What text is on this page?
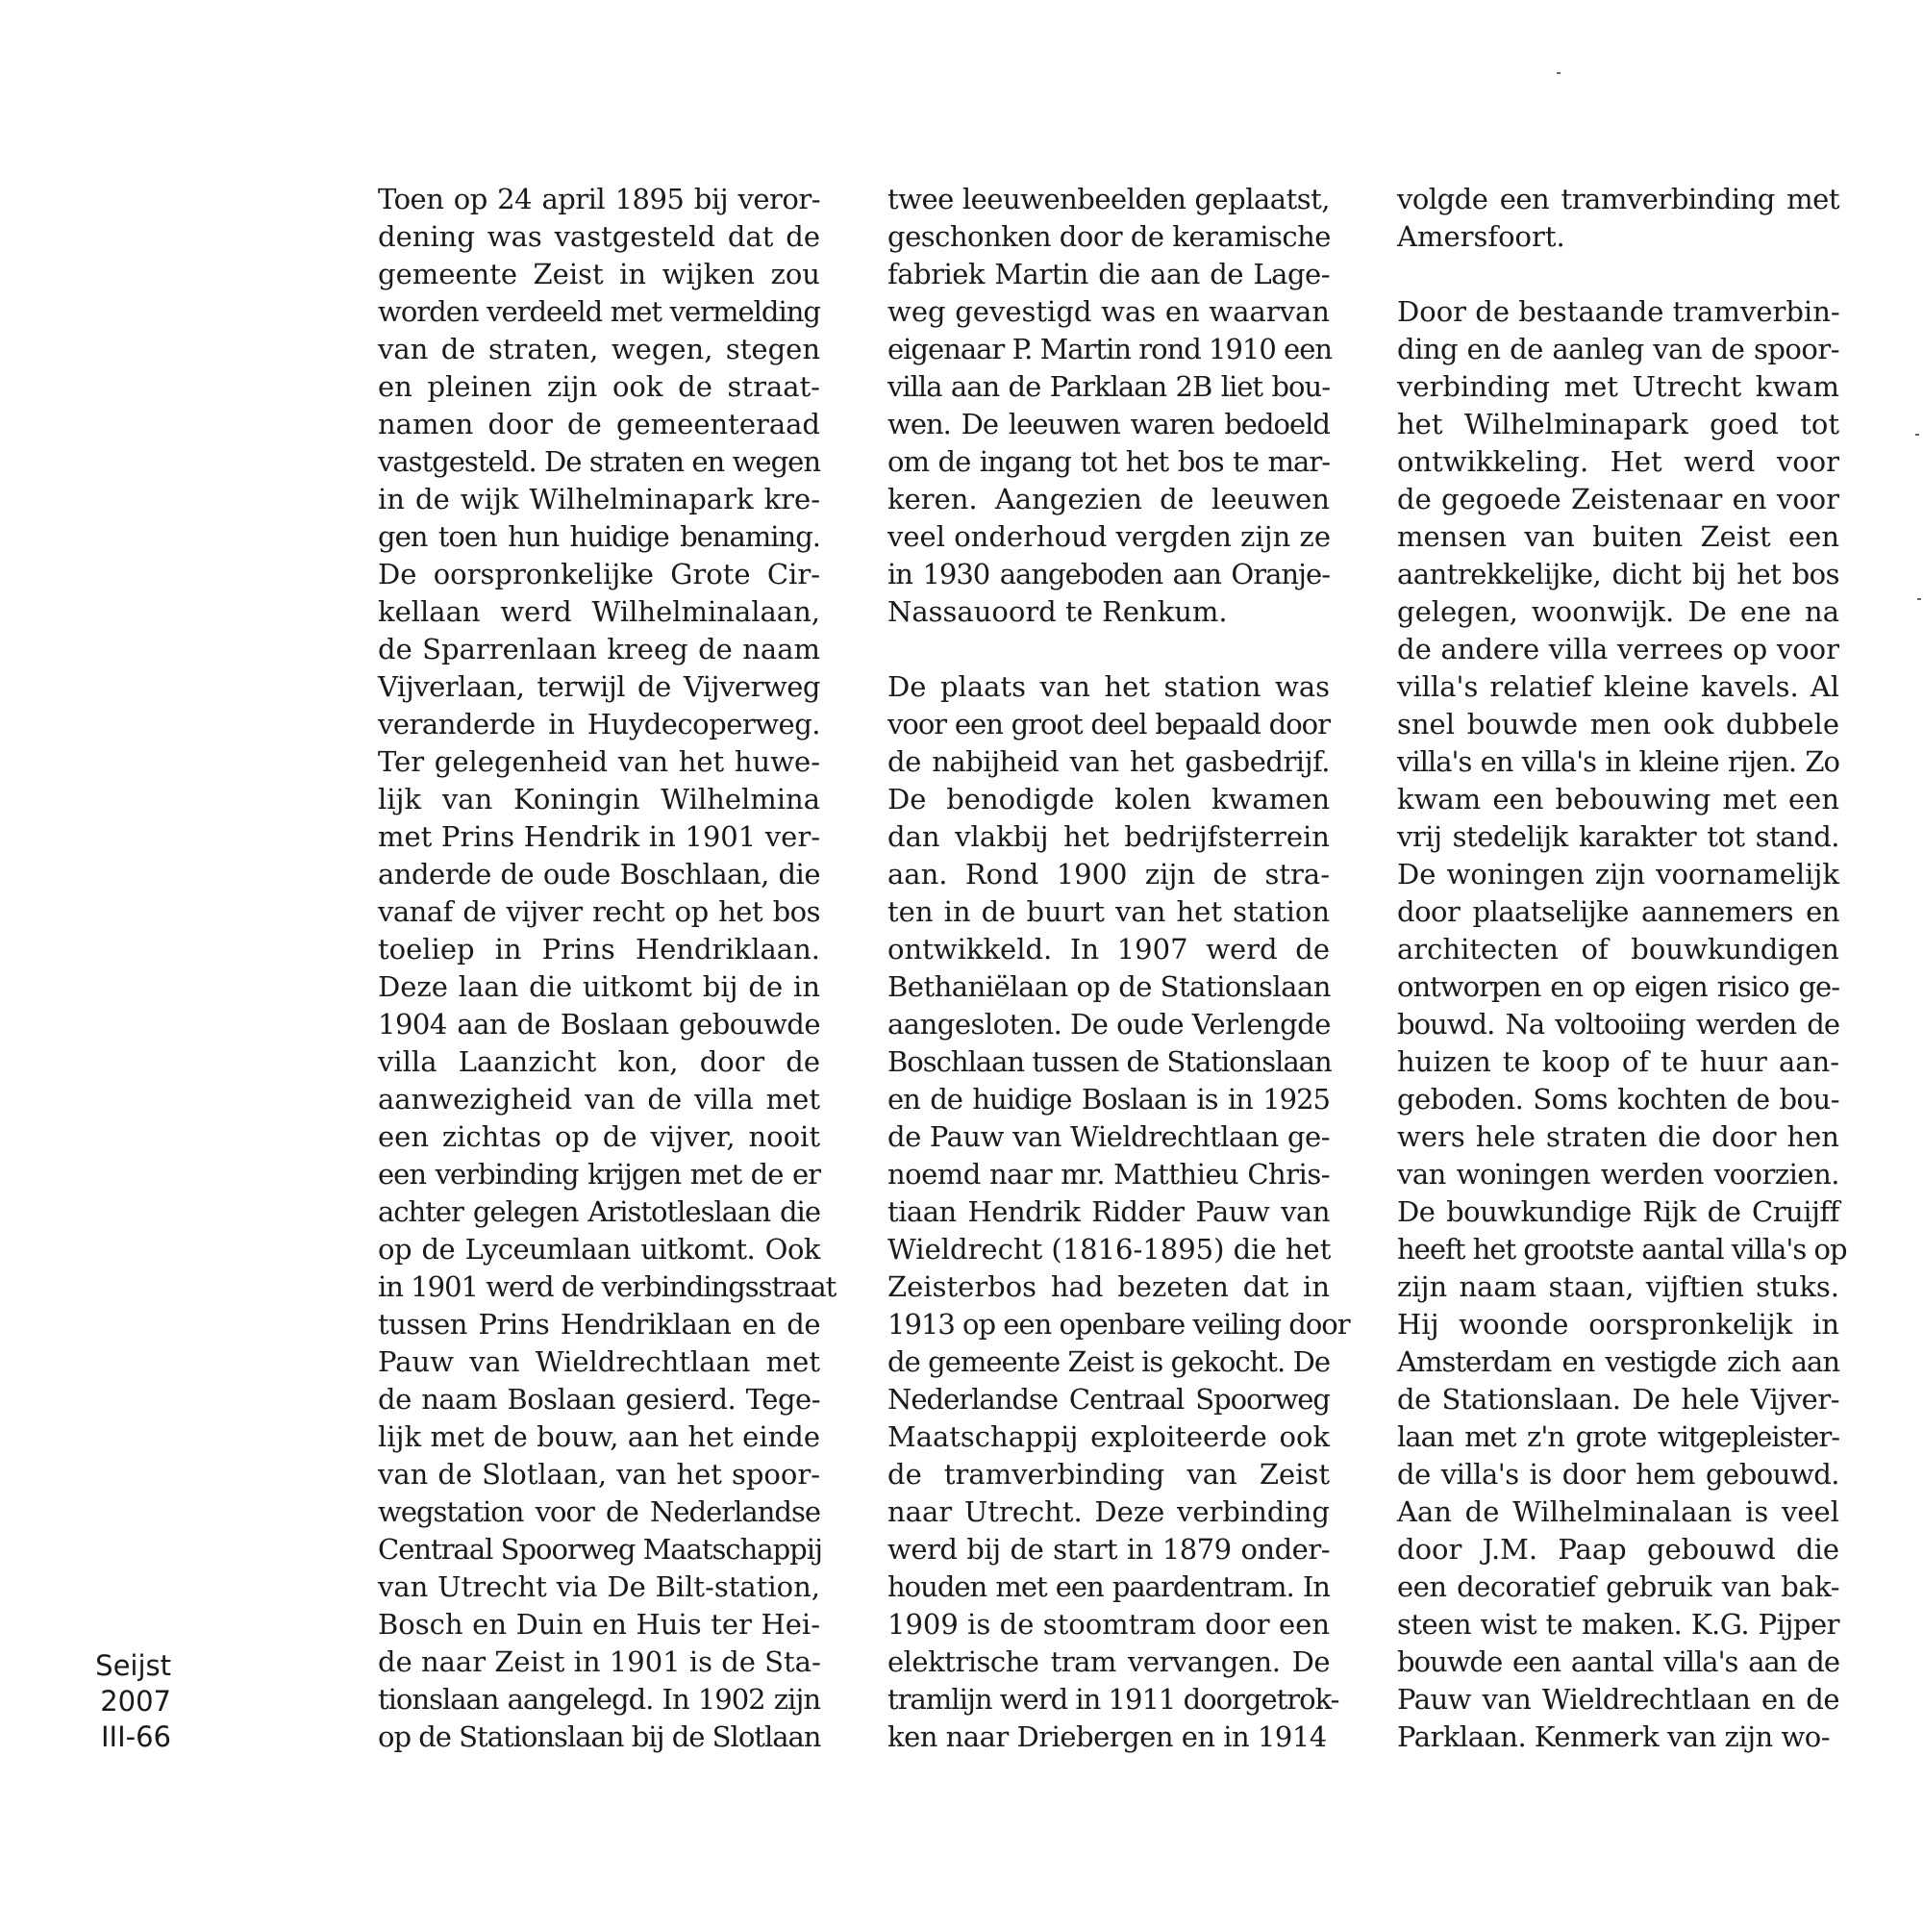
Toen op 24 april 1895 bij veror-
dening was vastgesteld dat de
gemeente Zeist in wijken zou
worden verdeeld met vermelding
van de straten, wegen, stegen
en pleinen zijn ook de straat-
namen door de gemeenteraad
vastgesteld. De straten en wegen
in de wijk Wilhelminapark kre-
gen toen hun huidige benaming.
De oorspronkelijke Grote Cir-
kellaan werd Wilhelminalaan,
de Sparrenlaan kreeg de naam
Vijverlaan, terwijl de Vijverweg
veranderde in Huydecoperweg.
Ter gelegenheid van het huwe-
lijk van Koningin Wilhelmina
met Prins Hendrik in 1901 ver-
anderde de oude Boschlaan, die
vanaf de vijver recht op het bos
toeliep in Prins Hendriklaan.
Deze laan die uitkomt bij de in
1904 aan de Boslaan gebouwde
villa Laanzicht kon, door de
aanwezigheid van de villa met
een zichtas op de vijver, nooit
een verbinding krijgen met de er
achter gelegen Aristotleslaan die
op de Lyceumlaan uitkomt. Ook
in 1901 werd de verbindingsstraat
tussen Prins Hendriklaan en de
Pauw van Wieldrechtlaan met
de naam Boslaan gesierd. Tege-
lijk met de bouw, aan het einde
van de Slotlaan, van het spoor-
wegstation voor de Nederlandse
Centraal Spoorweg Maatschappij
van Utrecht via De Bilt-station,
Bosch en Duin en Huis ter Hei-
de naar Zeist in 1901 is de Sta-
tionslaan aangelegd. In 1902 zijn
op de Stationslaan bij de Slotlaan
twee leeuwenbeelden geplaatst,
geschonken door de keramische
fabriek Martin die aan de Lage-
weg gevestigd was en waarvan
eigenaar P. Martin rond 1910 een
villa aan de Parklaan 2B liet bou-
wen. De leeuwen waren bedoeld
om de ingang tot het bos te mar-
keren. Aangezien de leeuwen
veel onderhoud vergden zijn ze
in 1930 aangeboden aan Oranje-
Nassauoord te Renkum.
De plaats van het station was
voor een groot deel bepaald door
de nabijheid van het gasbedrijf.
De benodigde kolen kwamen
dan vlakbij het bedrijfsterrein
aan. Rond 1900 zijn de stra-
ten in de buurt van het station
ontwikkeld. In 1907 werd de
Bethaniëlaan op de Stationslaan
aangesloten. De oude Verlengde
Boschlaan tussen de Stationslaan
en de huidige Boslaan is in 1925
de Pauw van Wieldrechtlaan ge-
noemd naar mr. Matthieu Chris-
tiaan Hendrik Ridder Pauw van
Wieldrecht (1816-1895) die het
Zeisterbos had bezeten dat in
1913 op een openbare veiling door
de gemeente Zeist is gekocht. De
Nederlandse Centraal Spoorweg
Maatschappij exploiteerde ook
de tramverbinding van Zeist
naar Utrecht. Deze verbinding
werd bij de start in 1879 onder-
houden met een paardentram. In
1909 is de stoomtram door een
elektrische tram vervangen. De
tramlijn werd in 1911 doorgetrok-
ken naar Driebergen en in 1914
volgde een tramverbinding met
Amersfoort.
Door de bestaande tramverbin-
ding en de aanleg van de spoor-
verbinding met Utrecht kwam
het Wilhelminapark goed tot
ontwikkeling. Het werd voor
de gegoede Zeistenaar en voor
mensen van buiten Zeist een
aantrekkelijke, dicht bij het bos
gelegen, woonwijk. De ene na
de andere villa verrees op voor
villa's relatief kleine kavels. Al
snel bouwde men ook dubbele
villa's en villa's in kleine rijen. Zo
kwam een bebouwing met een
vrij stedelijk karakter tot stand.
De woningen zijn voornamelijk
door plaatselijke aannemers en
architecten of bouwkundigen
ontworpen en op eigen risico ge-
bouwd. Na voltooiing werden de
huizen te koop of te huur aan-
geboden. Soms kochten de bou-
wers hele straten die door hen
van woningen werden voorzien.
De bouwkundige Rijk de Cruijff
heeft het grootste aantal villa's op
zijn naam staan, vijftien stuks.
Hij woonde oorspronkelijk in
Amsterdam en vestigde zich aan
de Stationslaan. De hele Vijver-
laan met z'n grote witgepleister-
de villa's is door hem gebouwd.
Aan de Wilhelminalaan is veel
door J.M. Paap gebouwd die
een decoratief gebruik van bak-
steen wist te maken. K.G. Pijper
bouwde een aantal villa's aan de
Pauw van Wieldrechtlaan en de
Parklaan. Kenmerk van zijn wo-
Seijst
2007
III-66
